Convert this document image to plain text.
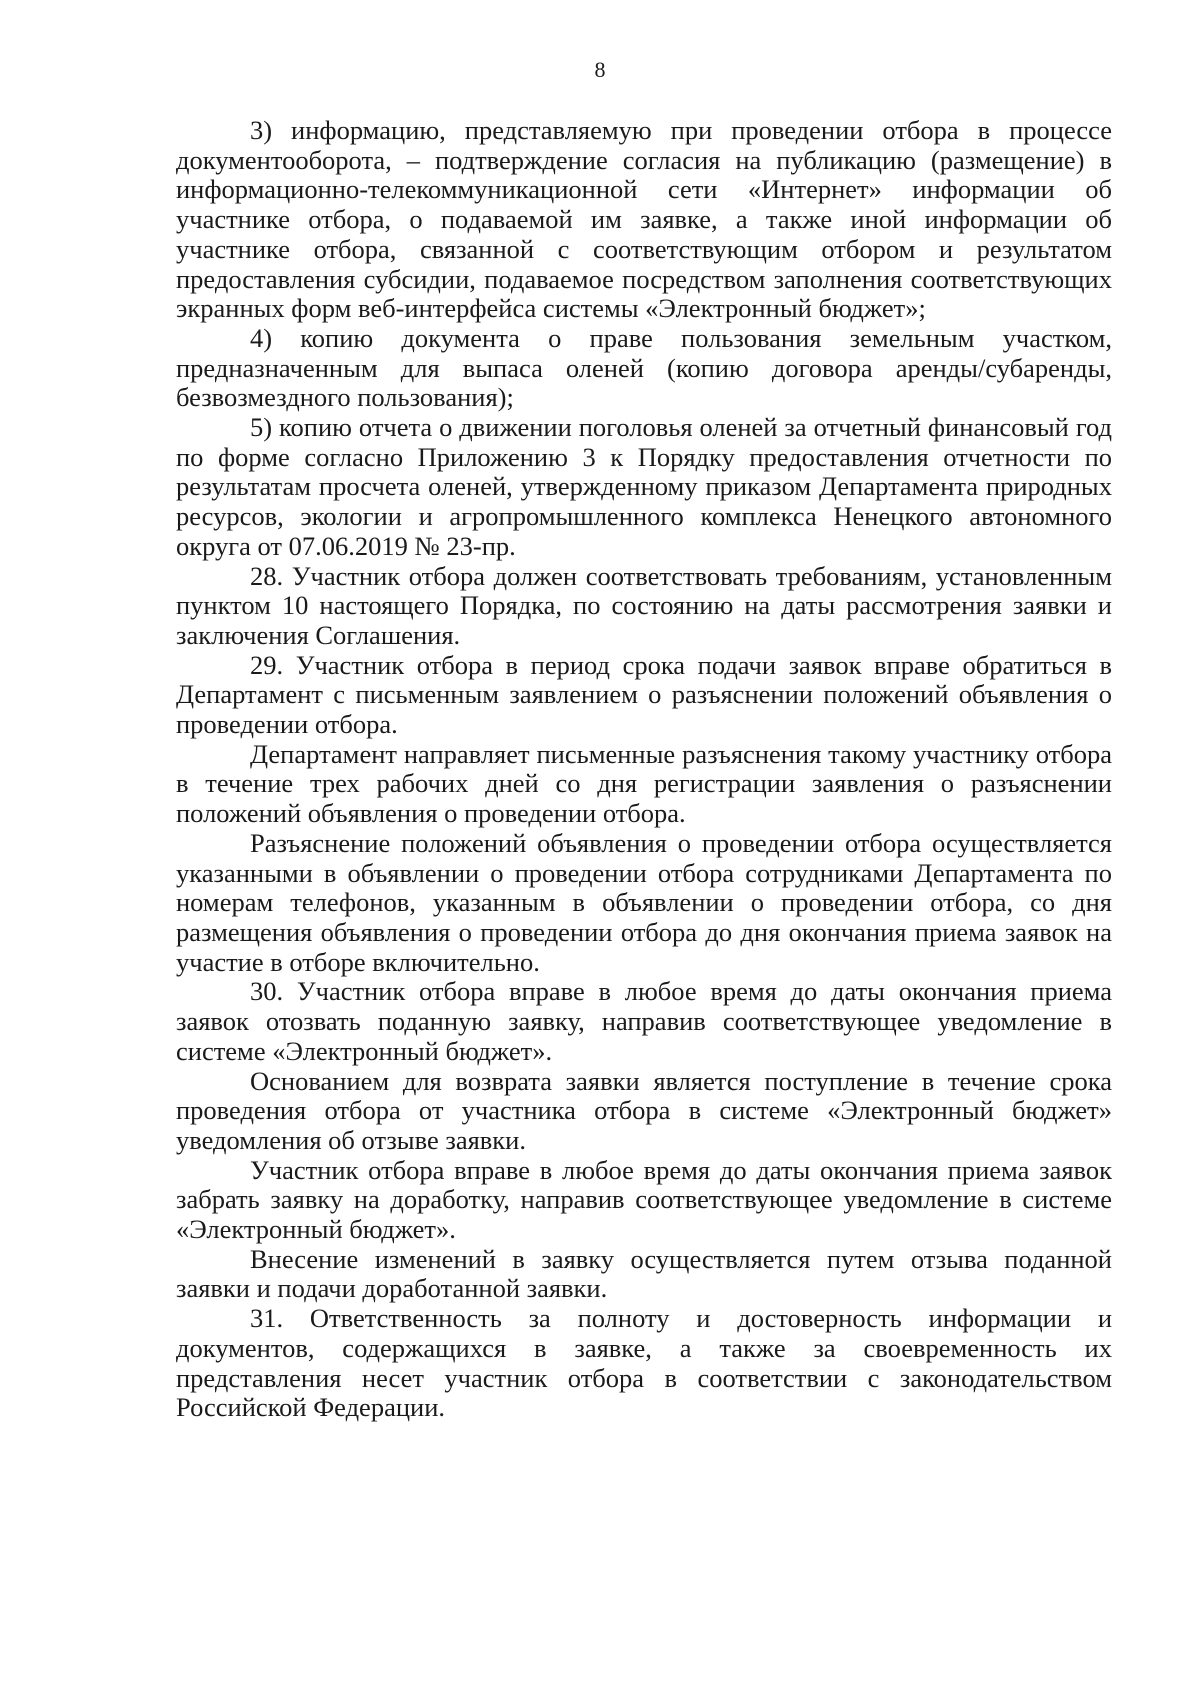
8

3) информацию, представляемую при проведении отбора в процессе документооборота, – подтверждение согласия на публикацию (размещение) в информационно-телекоммуникационной сети «Интернет» информации об участнике отбора, о подаваемой им заявке, а также иной информации об участнике отбора, связанной с соответствующим отбором и результатом предоставления субсидии, подаваемое посредством заполнения соответствующих экранных форм веб-интерфейса системы «Электронный бюджет»;

4) копию документа о праве пользования земельным участком, предназначенным для выпаса оленей (копию договора аренды/субаренды, безвозмездного пользования);

5) копию отчета о движении поголовья оленей за отчетный финансовый год по форме согласно Приложению 3 к Порядку предоставления отчетности по результатам просчета оленей, утвержденному приказом Департамента природных ресурсов, экологии и агропромышленного комплекса Ненецкого автономного округа от 07.06.2019 № 23-пр.

28. Участник отбора должен соответствовать требованиям, установленным пунктом 10 настоящего Порядка, по состоянию на даты рассмотрения заявки и заключения Соглашения.

29. Участник отбора в период срока подачи заявок вправе обратиться в Департамент с письменным заявлением о разъяснении положений объявления о проведении отбора.

Департамент направляет письменные разъяснения такому участнику отбора в течение трех рабочих дней со дня регистрации заявления о разъяснении положений объявления о проведении отбора.

Разъяснение положений объявления о проведении отбора осуществляется указанными в объявлении о проведении отбора сотрудниками Департамента по номерам телефонов, указанным в объявлении о проведении отбора, со дня размещения объявления о проведении отбора до дня окончания приема заявок на участие в отборе включительно.

30. Участник отбора вправе в любое время до даты окончания приема заявок отозвать поданную заявку, направив соответствующее уведомление в системе «Электронный бюджет».

Основанием для возврата заявки является поступление в течение срока проведения отбора от участника отбора в системе «Электронный бюджет» уведомления об отзыве заявки.

Участник отбора вправе в любое время до даты окончания приема заявок забрать заявку на доработку, направив соответствующее уведомление в системе «Электронный бюджет».

Внесение изменений в заявку осуществляется путем отзыва поданной заявки и подачи доработанной заявки.

31. Ответственность за полноту и достоверность информации и документов, содержащихся в заявке, а также за своевременность их представления несет участник отбора в соответствии с законодательством Российской Федерации.
